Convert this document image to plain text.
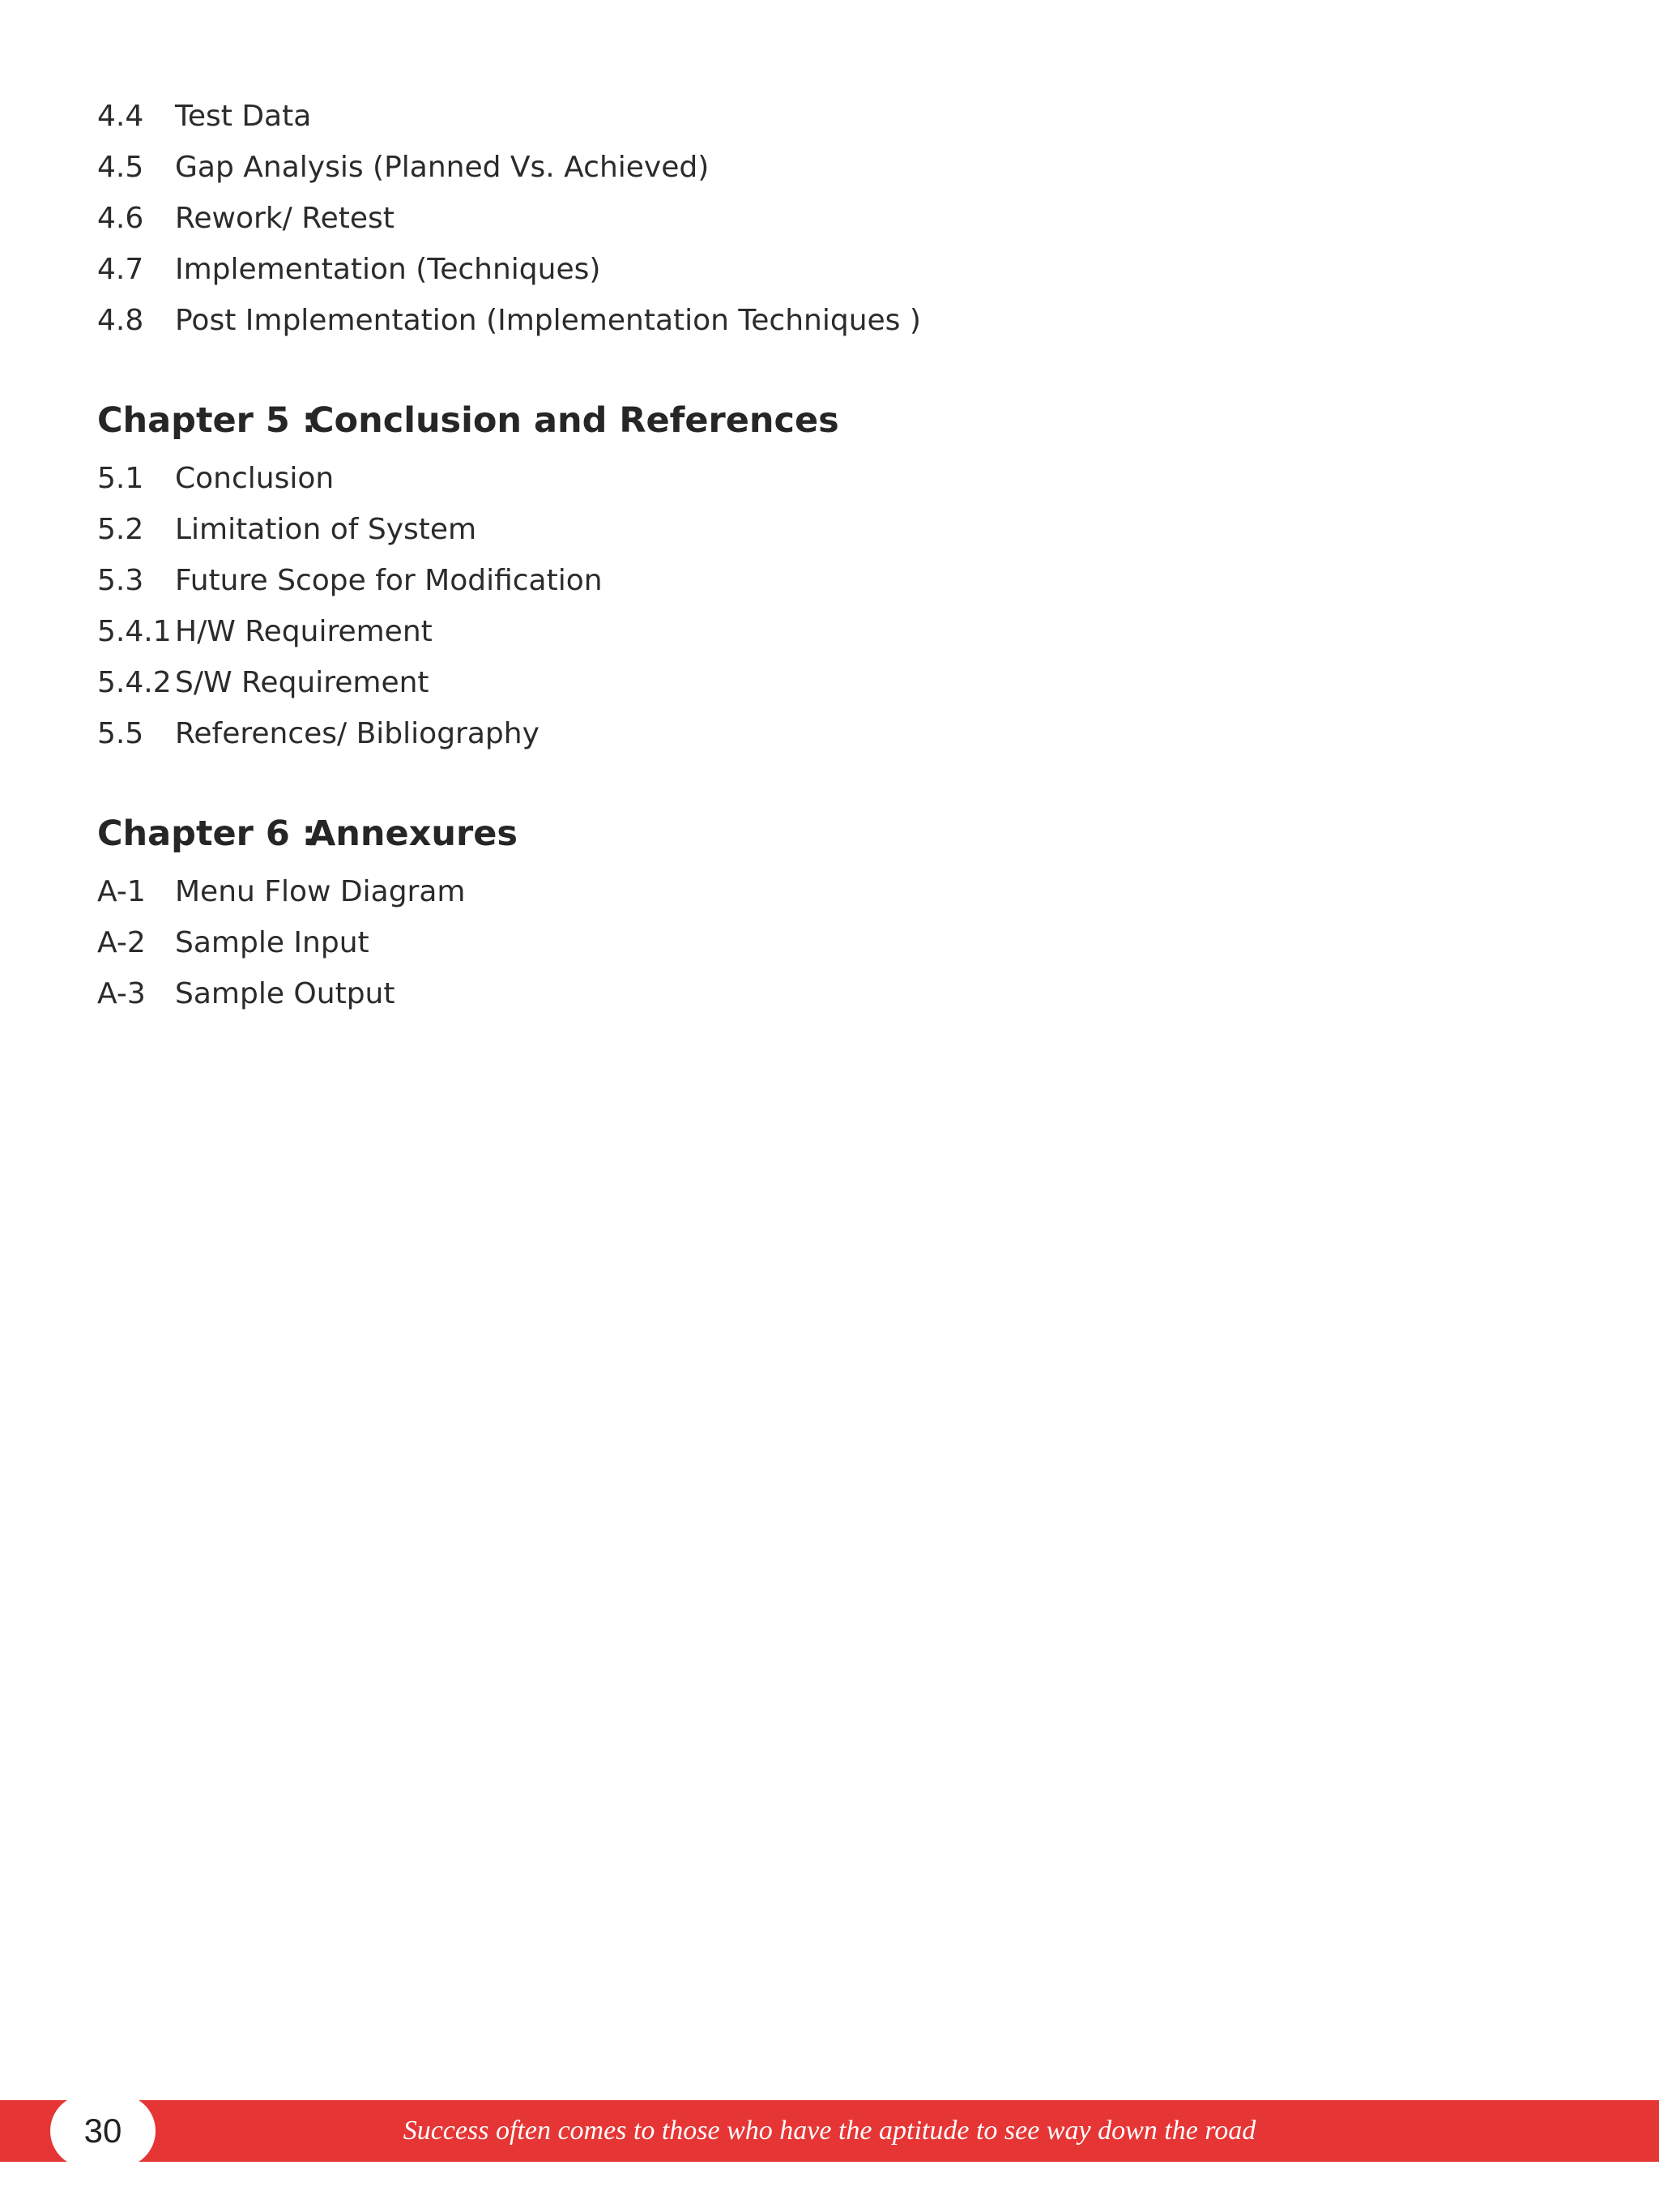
4.4	Test Data
4.5	Gap Analysis (Planned Vs. Achieved)
4.6	Rework/ Retest
4.7	Implementation (Techniques)
4.8	Post Implementation (Implementation Techniques )
Chapter 5 :
Conclusion and References
5.1	Conclusion
5.2	Limitation of System
5.3	Future Scope for Modification
5.4.1 H/W Requirement
5.4.2 S/W Requirement
5.5	References/ Bibliography
Chapter 6 :
Annexures
A-1	Menu Flow Diagram
A-2	Sample Input
A-3	Sample Output
30	Success often comes to those who have the aptitude to see way down the road
